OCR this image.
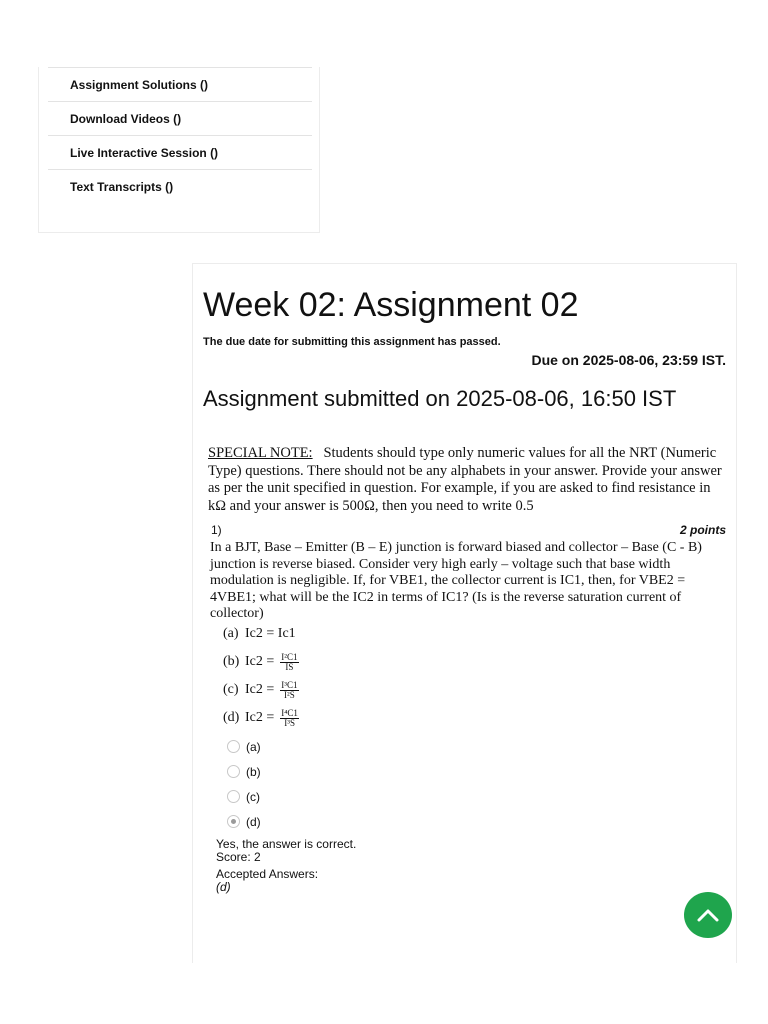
Assignment Solutions ()
Download Videos ()
Live Interactive Session ()
Text Transcripts ()
Week 02: Assignment 02
The due date for submitting this assignment has passed.
Due on 2025-08-06, 23:59 IST.
Assignment submitted on 2025-08-06, 16:50 IST
SPECIAL NOTE: Students should type only numeric values for all the NRT (Numeric Type) questions. There should not be any alphabets in your answer. Provide your answer as per the unit specified in question. For example, if you are asked to find resistance in kΩ and your answer is 500Ω, then you need to write 0.5
1)	2 points
In a BJT, Base – Emitter (B – E) junction is forward biased and collector – Base (C - B) junction is reverse biased. Consider very high early – voltage such that base width modulation is negligible. If, for VBE1, the collector current is IC1, then, for VBE2 = 4VBE1; what will be the IC2 in terms of IC1? (Is is the reverse saturation current of collector)
(a) Ic2 = Ic1
(b) $Ic2 = \frac{\text{I²C1}}{IS}$
(c) $Ic2 = \frac{\text{I³C1}}{\text{I²S}}$
(d) $Ic2 = \frac{\text{I⁴C1}}{\text{I³S}}$
(a)
(b)
(c)
(d)
Yes, the answer is correct.
Score: 2
Accepted Answers:
(d)
